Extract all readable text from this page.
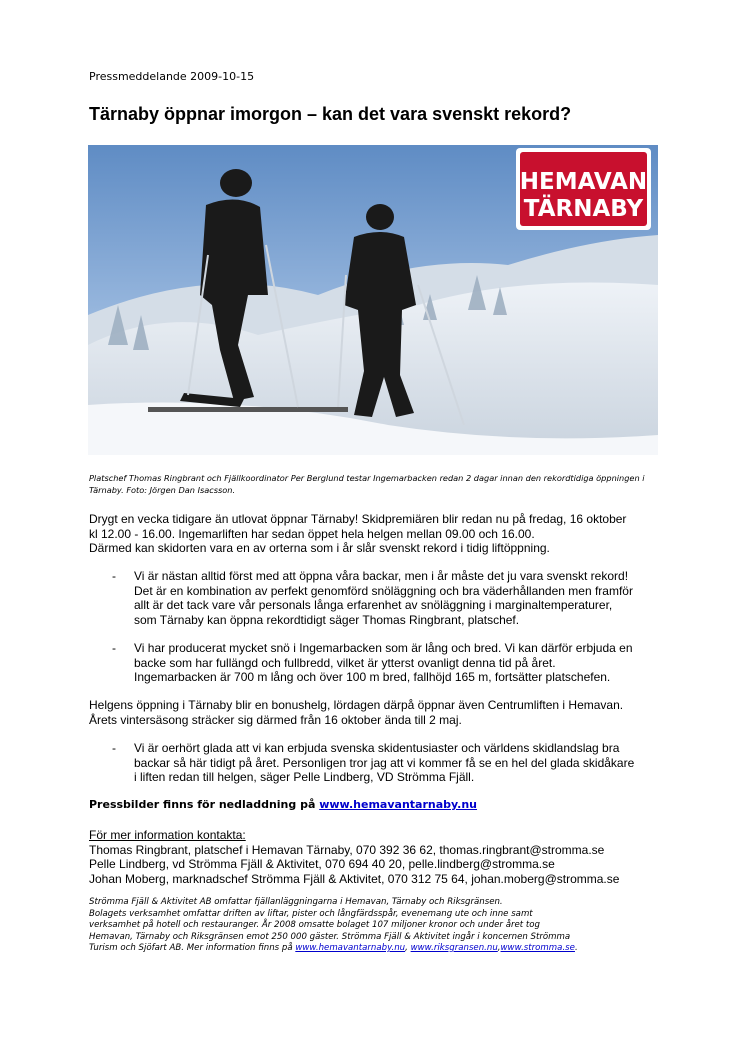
Pressmeddelande 2009-10-15
Tärnaby öppnar imorgon – kan det vara svenskt rekord?
HEMAVAN
TÄRNABY
Platschef Thomas Ringbrant och Fjällkoordinator Per Berglund testar Ingemarbacken redan 2 dagar innan den rekordtidiga öppningen i Tärnaby. Foto: Jörgen Dan Isacsson.
Drygt en vecka tidigare än utlovat öppnar Tärnaby! Skidpremiären blir redan nu på fredag, 16 oktober
kl 12.00 - 16.00. Ingemarliften har sedan öppet hela helgen mellan 09.00 och 16.00.
Därmed kan skidorten vara en av orterna som i år slår svenskt rekord i tidig liftöppning.
- Vi är nästan alltid först med att öppna våra backar, men i år måste det ju vara svenskt rekord!
Det är en kombination av perfekt genomförd snöläggning och bra väderhållanden men framför
allt är det tack vare vår personals långa erfarenhet av snöläggning i marginaltemperaturer,
som Tärnaby kan öppna rekordtidigt säger Thomas Ringbrant, platschef.
- Vi har producerat mycket snö i Ingemarbacken som är lång och bred. Vi kan därför erbjuda en
backe som har fullängd och fullbredd, vilket är ytterst ovanligt denna tid på året.
Ingemarbacken är 700 m lång och över 100 m bred, fallhöjd 165 m, fortsätter platschefen.
Helgens öppning i Tärnaby blir en bonushelg, lördagen därpå öppnar även Centrumliften i Hemavan.
Årets vintersäsong sträcker sig därmed från 16 oktober ända till 2 maj.
- Vi är oerhört glada att vi kan erbjuda svenska skidentusiaster och världens skidlandslag bra
backar så här tidigt på året. Personligen tror jag att vi kommer få se en hel del glada skidåkare
i liften redan till helgen, säger Pelle Lindberg, VD Strömma Fjäll.
Pressbilder finns för nedladdning på www.hemavantarnaby.nu
För mer information kontakta:
Thomas Ringbrant, platschef i Hemavan Tärnaby, 070 392 36 62, thomas.ringbrant@stromma.se
Pelle Lindberg, vd Strömma Fjäll & Aktivitet, 070 694 40 20, pelle.lindberg@stromma.se
Johan Moberg, marknadschef Strömma Fjäll & Aktivitet, 070 312 75 64, johan.moberg@stromma.se
Strömma Fjäll & Aktivitet AB omfattar fjällanläggningarna i Hemavan, Tärnaby och Riksgränsen.
Bolagets verksamhet omfattar driften av liftar, pister och långfärdsspår, evenemang ute och inne samt
verksamhet på hotell och restauranger. År 2008 omsatte bolaget 107 miljoner kronor och under året tog
Hemavan, Tärnaby och Riksgränsen emot 250 000 gäster. Strömma Fjäll & Aktivitet ingår i koncernen Strömma
Turism och Sjöfart AB. Mer information finns på www.hemavantarnaby.nu, www.riksgransen.nu,www.stromma.se.
